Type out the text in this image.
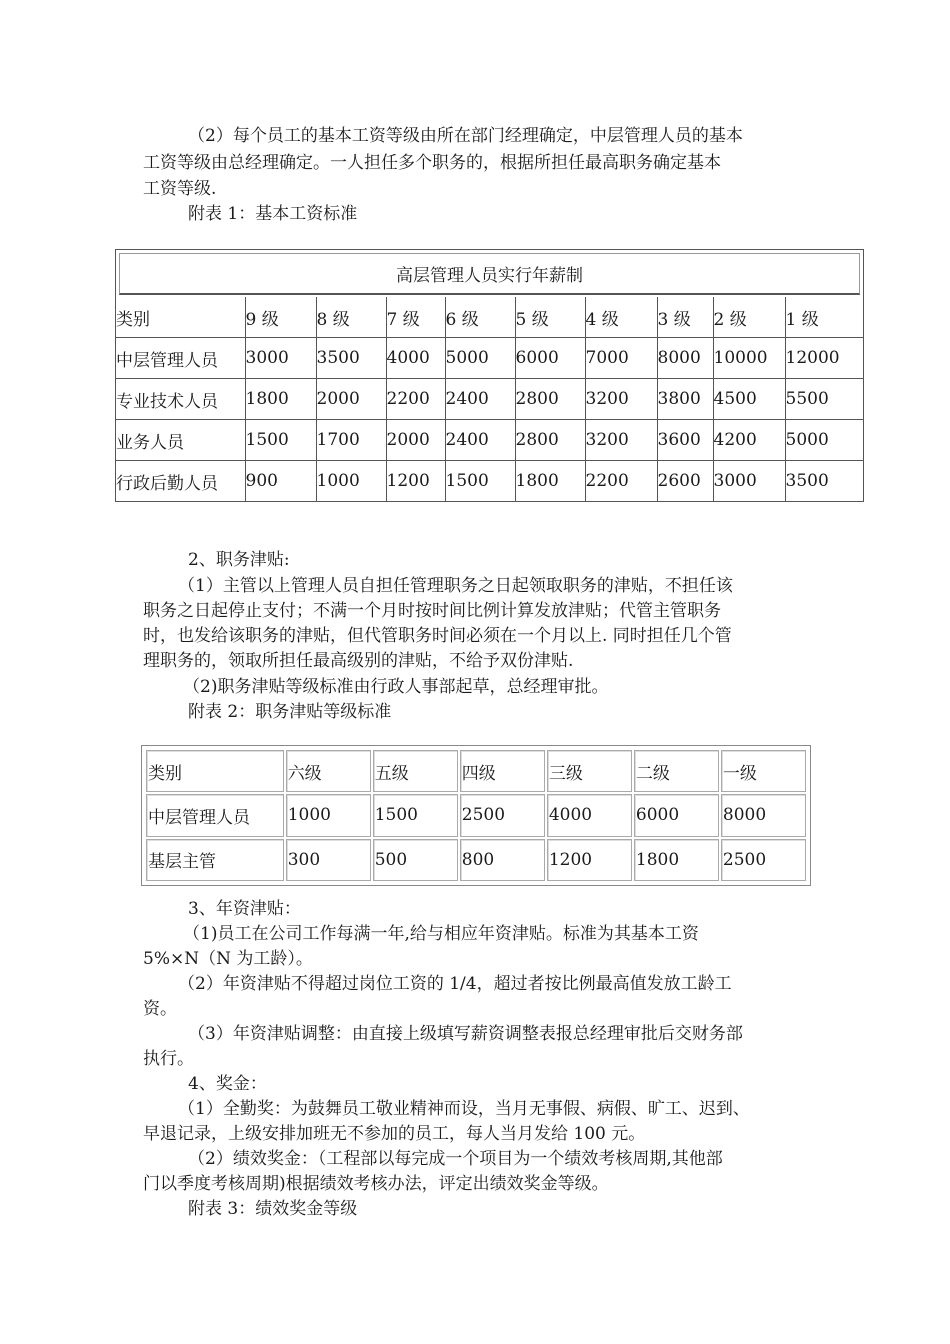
（2）每个员工的基本工资等级由所在部门经理确定，中层管理人员的基本

工资等级由总经理确定。一人担任多个职务的，根据所担任最高职务确定基本

工资等级.

附表 1：基本工资标准

高层管理人员实行年薪制
类别	9 级	8 级	7 级	6 级	5 级	4 级	3 级	2 级	1 级
中层管理人员	3000	3500	4000	5000	6000	7000	8000	10000	12000
专业技术人员	1800	2000	2200	2400	2800	3200	3800	4500	5500
业务人员	1500	1700	2000	2400	2800	3200	3600	4200	5000
行政后勤人员	900	1000	1200	1500	1800	2200	2600	3000	3500

2、职务津贴:

（1）主管以上管理人员自担任管理职务之日起领取职务的津贴，不担任该

职务之日起停止支付；不满一个月时按时间比例计算发放津贴；代管主管职务

时，也发给该职务的津贴，但代管职务时间必须在一个月以上. 同时担任几个管

理职务的，领取所担任最高级别的津贴，不给予双份津贴.

（2)职务津贴等级标准由行政人事部起草，总经理审批。

附表 2：职务津贴等级标准

类别	六级	五级	四级	三级	二级	一级
中层管理人员	1000	1500	2500	4000	6000	8000
基层主管	300	500	800	1200	1800	2500

3、年资津贴：

（1)员工在公司工作每满一年,给与相应年资津贴。标准为其基本工资

5%×N（N 为工龄）。

（2）年资津贴不得超过岗位工资的 1/4，超过者按比例最高值发放工龄工

资。

（3）年资津贴调整：由直接上级填写薪资调整表报总经理审批后交财务部

执行。

4、奖金：

（1）全勤奖：为鼓舞员工敬业精神而设，当月无事假、病假、旷工、迟到、

早退记录，上级安排加班无不参加的员工，每人当月发给 100 元。

（2）绩效奖金：（工程部以每完成一个项目为一个绩效考核周期,其他部

门以季度考核周期)根据绩效考核办法，评定出绩效奖金等级。

附表 3：绩效奖金等级
